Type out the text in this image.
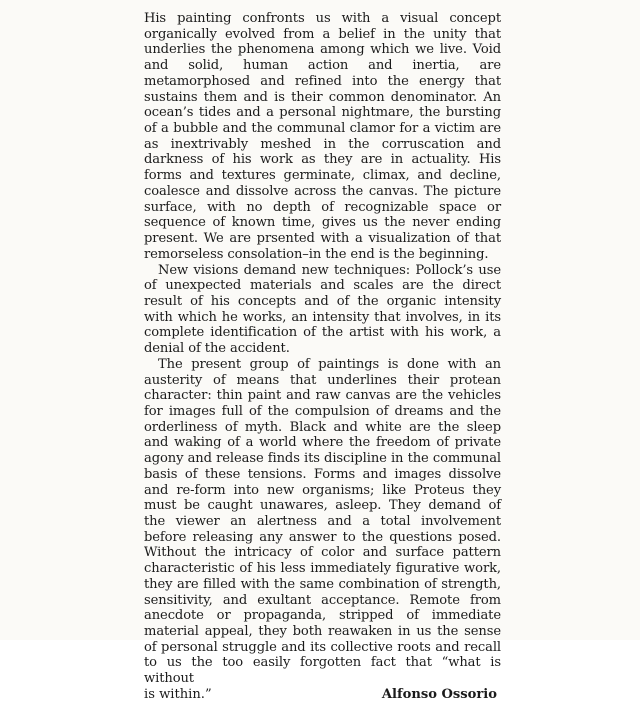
His painting confronts us with a visual concept organically evolved from a belief in the unity that underlies the phenomena among which we live. Void and solid, human action and inertia, are metamorphosed and refined into the energy that sustains them and is their common denominator. An ocean’s tides and a personal nightmare, the bursting of a bubble and the communal clamor for a victim are as inextrivably meshed in the corruscation and darkness of his work as they are in actuality. His forms and textures germinate, climax, and decline, coalesce and dissolve across the canvas. The picture surface, with no depth of recognizable space or sequence of known time, gives us the never ending present. We are prsented with a visualization of that remorseless consolation–in the end is the beginning.

New visions demand new techniques: Pollock’s use of unexpected materials and scales are the direct result of his concepts and of the organic intensity with which he works, an intensity that involves, in its complete identification of the artist with his work, a denial of the accident.

The present group of paintings is done with an austerity of means that underlines their protean character: thin paint and raw canvas are the vehicles for images full of the compulsion of dreams and the orderliness of myth. Black and white are the sleep and waking of a world where the freedom of private agony and release finds its discipline in the communal basis of these tensions. Forms and images dissolve and re-form into new organisms; like Proteus they must be caught unawares, asleep. They demand of the viewer an alertness and a total involvement before releasing any answer to the questions posed. Without the intricacy of color and surface pattern characteristic of his less immediately figurative work, they are filled with the same combination of strength, sensitivity, and exultant acceptance. Remote from anecdote or propaganda, stripped of immediate material appeal, they both reawaken in us the sense of personal struggle and its collective roots and recall to us the too easily forgotten fact that “what is without

is within.”	Alfonso Ossorio
